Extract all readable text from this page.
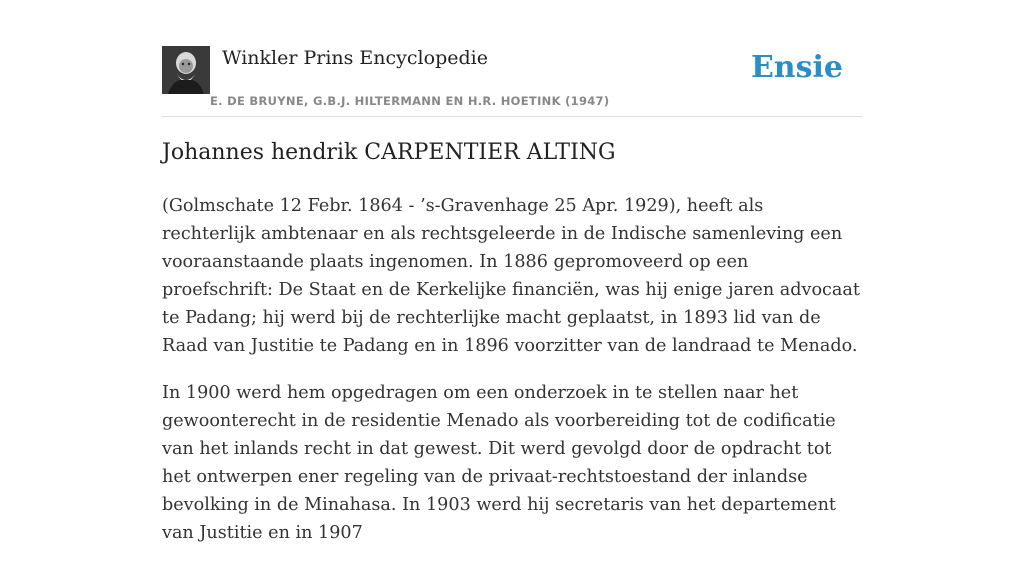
Winkler Prins Encyclopedie
E. DE BRUYNE, G.B.J. HILTERMANN EN H.R. HOETINK (1947)
Ensie
Johannes hendrik CARPENTIER ALTING

(Golmschate 12 Febr. 1864 - ’s-Gravenhage 25 Apr. 1929), heeft als rechterlijk ambtenaar en als rechtsgeleerde in de Indische samenleving een vooraanstaande plaats ingenomen. In 1886 gepromoveerd op een proefschrift: De Staat en de Kerkelijke financiën, was hij enige jaren advocaat te Padang; hij werd bij de rechterlijke macht geplaatst, in 1893 lid van de Raad van Justitie te Padang en in 1896 voorzitter van de landraad te Menado.

In 1900 werd hem opgedragen om een onderzoek in te stellen naar het gewoonterecht in de residentie Menado als voorbereiding tot de codificatie van het inlands recht in dat gewest. Dit werd gevolgd door de opdracht tot het ontwerpen ener regeling van de privaat-rechtstoestand der inlandse bevolking in de Minahasa. In 1903 werd hij secretaris van het departement van Justitie en in 1907
